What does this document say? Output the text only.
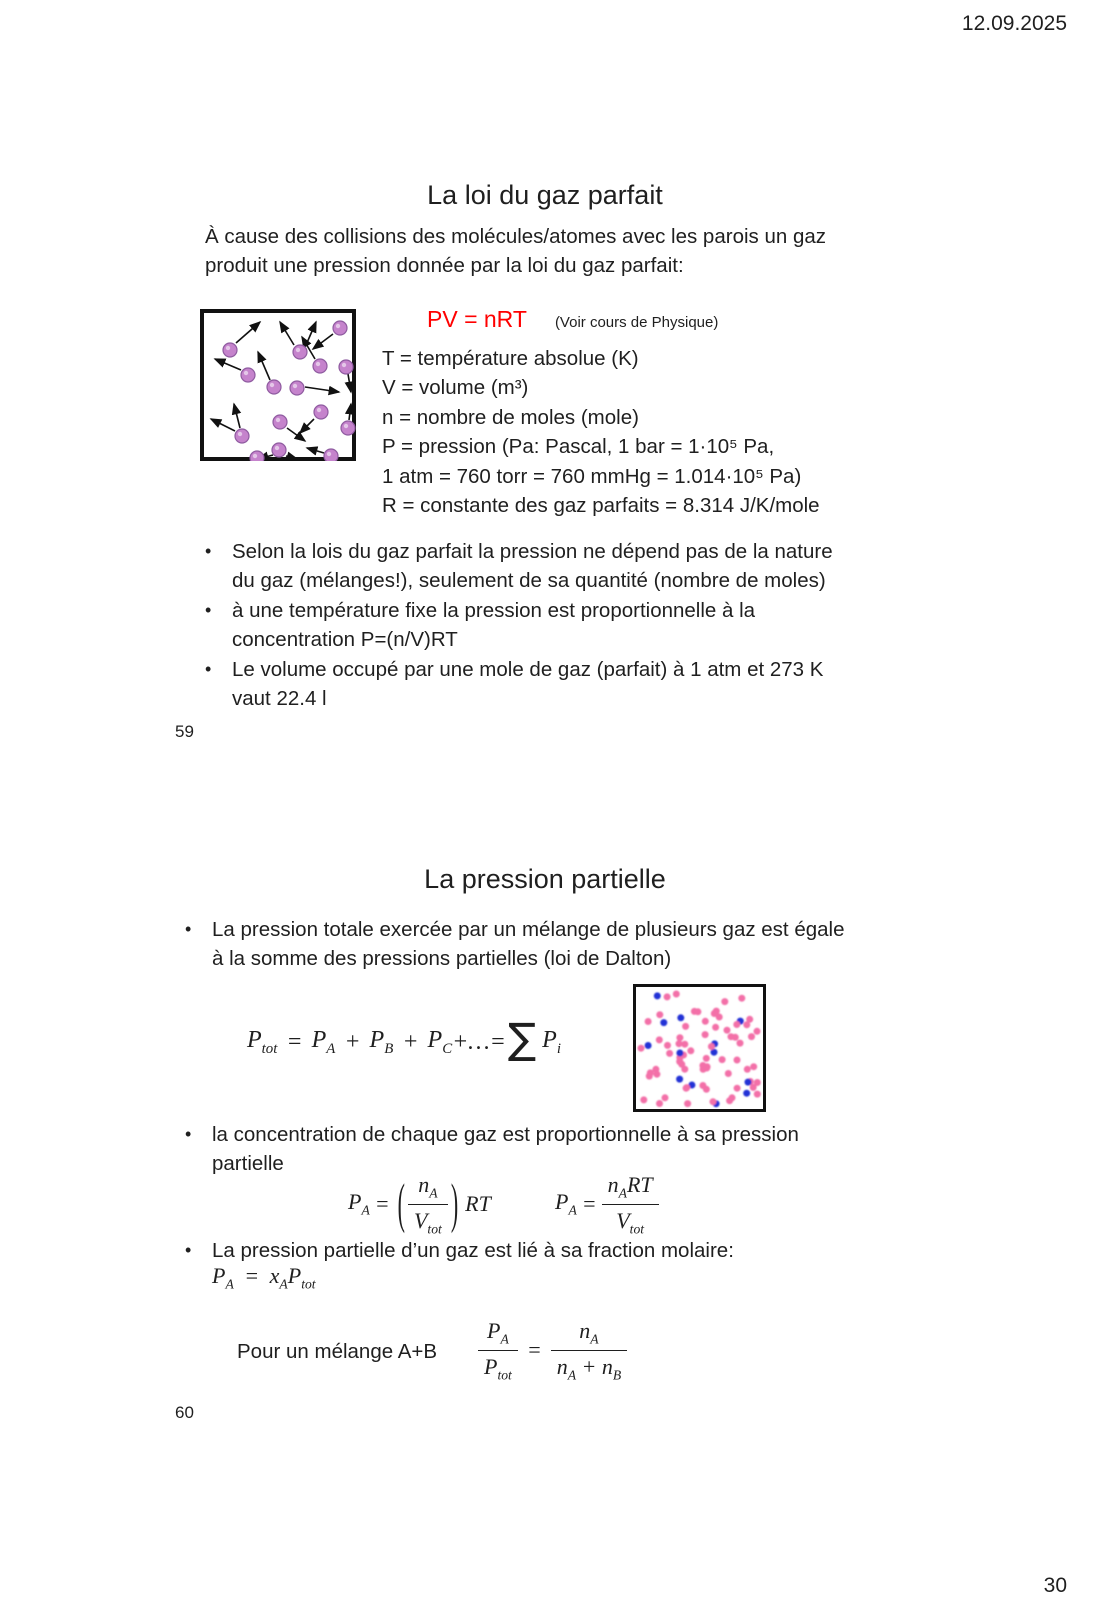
12.09.2025
La loi du gaz parfait
À cause des collisions des molécules/atomes avec les parois un gaz
produit une pression donnée par la loi du gaz parfait:
PV = nRT (Voir cours de Physique)
T = température absolue (K)
V = volume (m³)
n = nombre de moles (mole)
P = pression (Pa: Pascal, 1 bar = 1·10⁵ Pa,
1 atm = 760 torr = 760 mmHg = 1.014·10⁵ Pa)
R = constante des gaz parfaits = 8.314 J/K/mole
•	Selon la lois du gaz parfait la pression ne dépend pas de la nature
du gaz (mélanges!), seulement de sa quantité (nombre de moles)
•	à une température fixe la pression est proportionnelle à la
concentration P=(n/V)RT
•	Le volume occupé par une mole de gaz (parfait) à 1 atm et 273 K
vaut 22.4 l
59
La pression partielle
•	La pression totale exercée par un mélange de plusieurs gaz est égale
à la somme des pressions partielles (loi de Dalton)
$P_{tot} = P_A + P_B + P_C$ +…= ∑ $P_i$
•	la concentration de chaque gaz est proportionnelle à sa pression
partielle
$P_A$ = ( $\frac{n_A}{V_{tot}}$ ) RT	$P_A = \frac{n_ART}{V_{tot}}$
•	La pression partielle d’un gaz est lié à sa fraction molaire:
$P_A = x_AP_{tot}$
Pour un mélange $A+B \frac{P_A}{P_{tot}} = \frac{n_A}{n_A + n_B}$
60
30
